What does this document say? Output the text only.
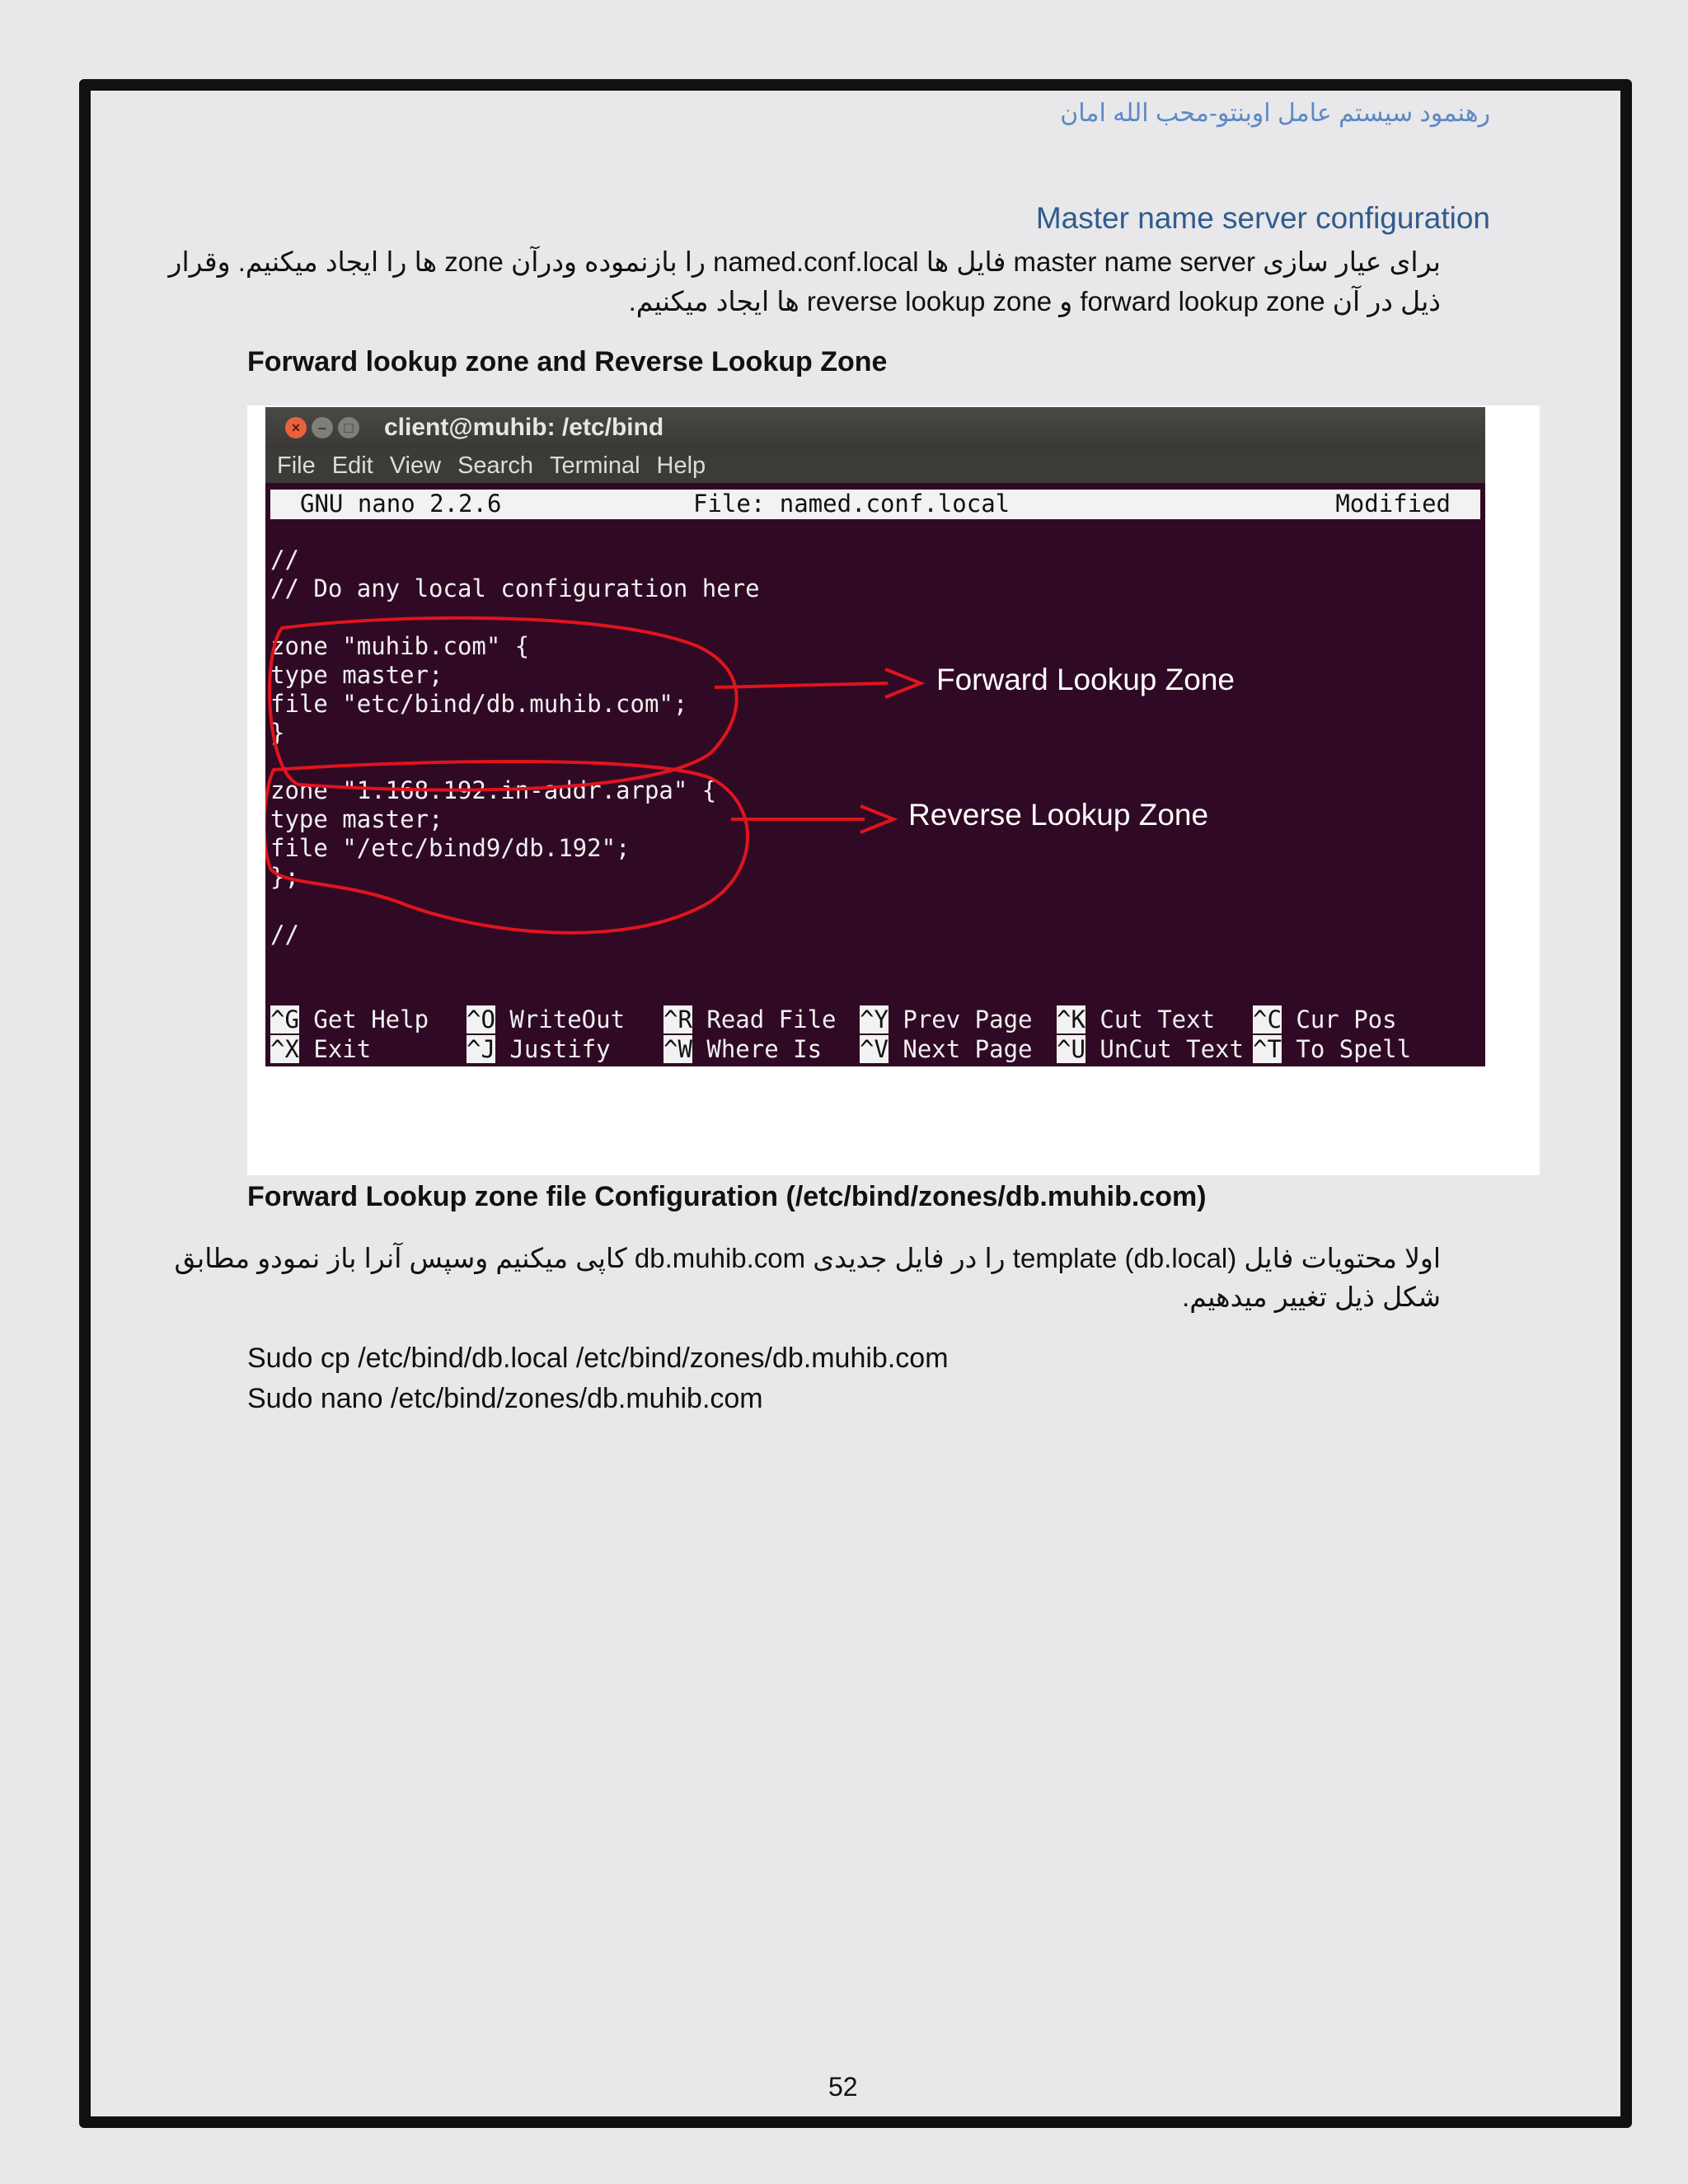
رهنمود سیستم عامل اوبنتو-محب الله امان
Master name server configuration
برای عیار سازی master name server فایل ها named.conf.local را بازنموده ودرآن zone ها را ایجاد میکنیم. وقرار
ذیل در آن forward lookup zone و reverse lookup zone ها ایجاد میکنیم.
Forward lookup zone and Reverse Lookup Zone
×	–	□ client@muhib: /etc/bind
File Edit View Search Terminal Help
GNU nano 2.2.6	File: named.conf.local	Modified
//
// Do any local configuration here
zone "muhib.com" {
type master;
file "etc/bind/db.muhib.com";
}
zone "1.168.192.in-addr.arpa" {
type master;
file "/etc/bind9/db.192";
};
//
Forward Lookup Zone
Reverse Lookup Zone
^G Get Help ^O WriteOut ^R Read File ^Y Prev Page ^K Cut Text ^C Cur Pos
^X Exit	^J Justify ^W Where Is ^V Next Page ^U UnCut Text ^T To Spell
Forward Lookup zone file Configuration (/etc/bind/zones/db.muhib.com)
اولا محتویات فایل template (db.local) را در فایل جدیدی db.muhib.com کاپی میکنیم وسپس آنرا باز نمودو مطابق
شکل ذیل تغییر میدهیم.
Sudo cp /etc/bind/db.local /etc/bind/zones/db.muhib.com
Sudo nano /etc/bind/zones/db.muhib.com
52
